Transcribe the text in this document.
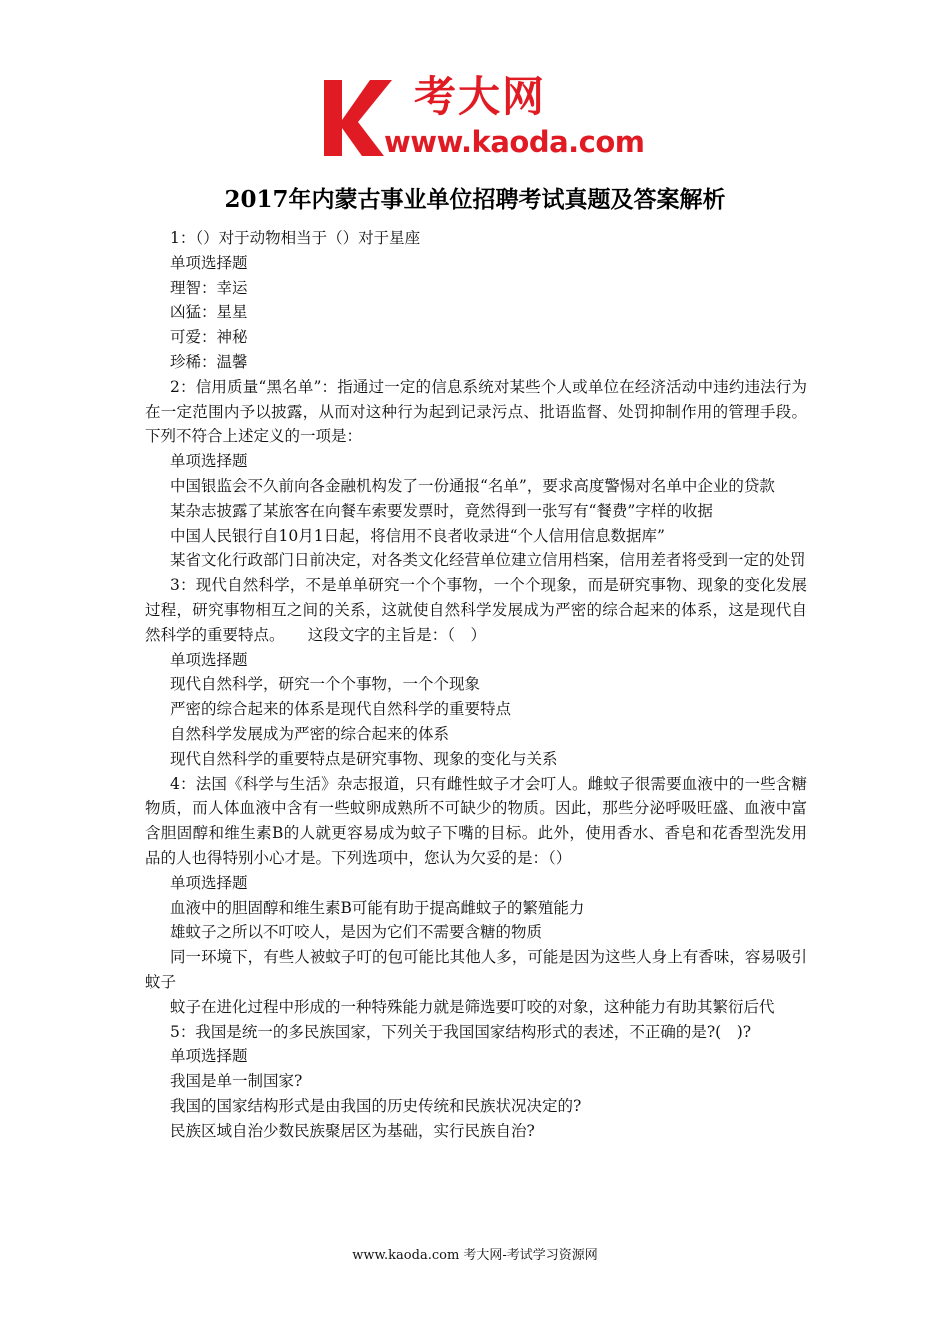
考大网
www.kaoda.com
2017年内蒙古事业单位招聘考试真题及答案解析

1：（）对于动物相当于（）对于星座

单项选择题

理智：幸运

凶猛：星星

可爱：神秘

珍稀：温馨

2：信用质量“黑名单”：指通过一定的信息系统对某些个人或单位在经济活动中违约违法行为在一定范围内予以披露，从而对这种行为起到记录污点、批语监督、处罚抑制作用的管理手段。下列不符合上述定义的一项是：

单项选择题

中国银监会不久前向各金融机构发了一份通报“名单”，要求高度警惕对名单中企业的贷款

某杂志披露了某旅客在向餐车索要发票时，竟然得到一张写有“餐费”字样的收据

中国人民银行自10月1日起，将信用不良者收录进“个人信用信息数据库”

某省文化行政部门日前决定，对各类文化经营单位建立信用档案，信用差者将受到一定的处罚

3：现代自然科学，不是单单研究一个个事物，一个个现象，而是研究事物、现象的变化发展过程，研究事物相互之间的关系，这就使自然科学发展成为严密的综合起来的体系，这是现代自然科学的重要特点。　　这段文字的主旨是：（　）

单项选择题

现代自然科学，研究一个个事物，一个个现象

严密的综合起来的体系是现代自然科学的重要特点

自然科学发展成为严密的综合起来的体系

现代自然科学的重要特点是研究事物、现象的变化与关系

4：法国《科学与生活》杂志报道，只有雌性蚊子才会叮人。雌蚊子很需要血液中的一些含糖物质，而人体血液中含有一些蚊卵成熟所不可缺少的物质。因此，那些分泌呼吸旺盛、血液中富含胆固醇和维生素B的人就更容易成为蚊子下嘴的目标。此外，使用香水、香皂和花香型洗发用品的人也得特别小心才是。下列选项中，您认为欠妥的是：（）

单项选择题

血液中的胆固醇和维生素B可能有助于提高雌蚊子的繁殖能力

雄蚊子之所以不叮咬人，是因为它们不需要含糖的物质

同一环境下，有些人被蚊子叮的包可能比其他人多，可能是因为这些人身上有香味，容易吸引蚊子

蚊子在进化过程中形成的一种特殊能力就是筛选要叮咬的对象，这种能力有助其繁衍后代

5：我国是统一的多民族国家，下列关于我国国家结构形式的表述，不正确的是?(　)?

单项选择题

我国是单一制国家?

我国的国家结构形式是由我国的历史传统和民族状况决定的?

民族区域自治少数民族聚居区为基础，实行民族自治?

www.kaoda.com 考大网-考试学习资源网
